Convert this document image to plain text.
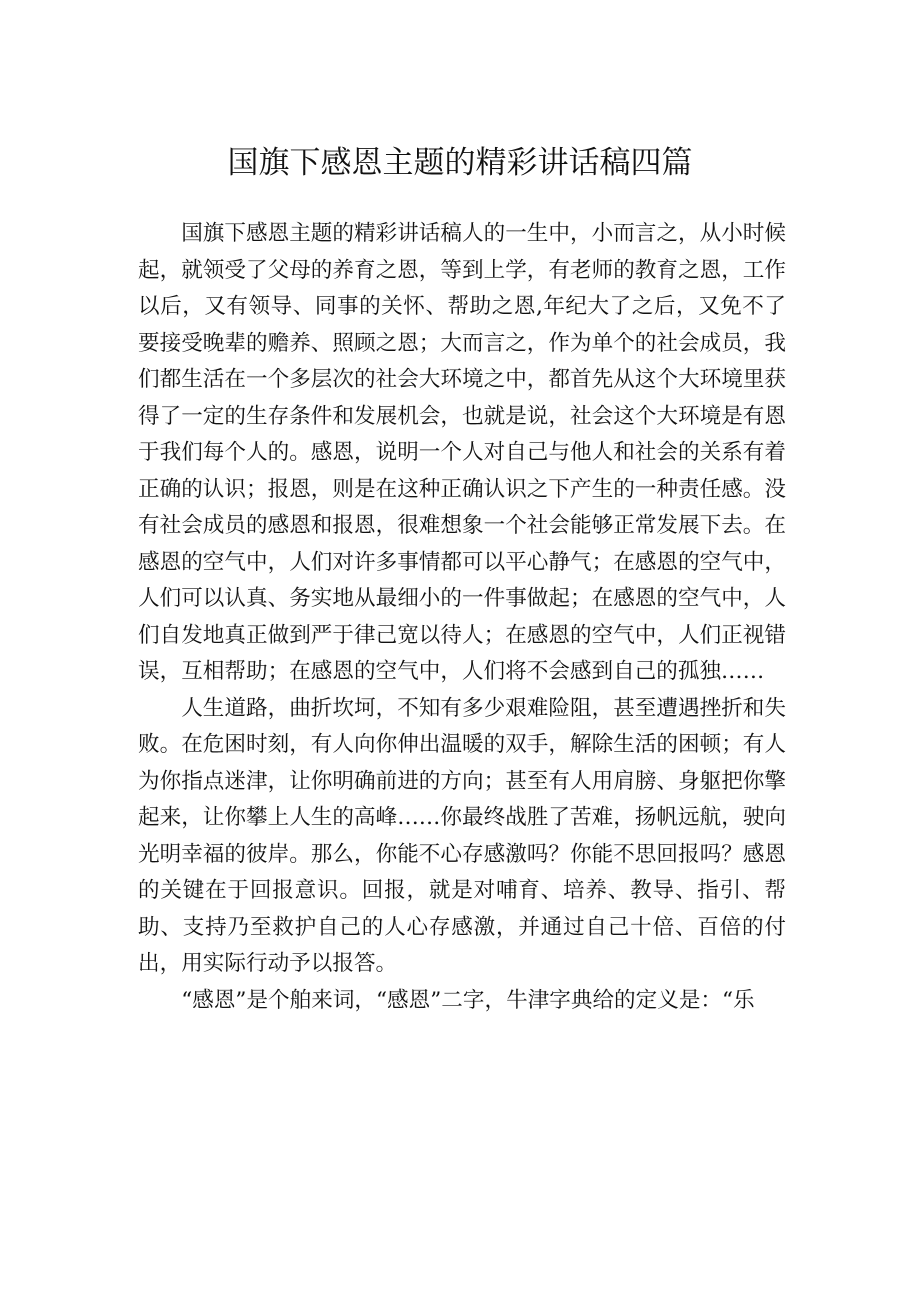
国旗下感恩主题的精彩讲话稿四篇

国旗下感恩主题的精彩讲话稿人的一生中，小而言之，从小时候起，就领受了父母的养育之恩，等到上学，有老师的教育之恩，工作以后，又有领导、同事的关怀、帮助之恩,年纪大了之后，又免不了要接受晚辈的赡养、照顾之恩；大而言之，作为单个的社会成员，我们都生活在一个多层次的社会大环境之中，都首先从这个大环境里获得了一定的生存条件和发展机会，也就是说，社会这个大环境是有恩于我们每个人的。感恩，说明一个人对自己与他人和社会的关系有着正确的认识；报恩，则是在这种正确认识之下产生的一种责任感。没有社会成员的感恩和报恩，很难想象一个社会能够正常发展下去。在感恩的空气中，人们对许多事情都可以平心静气；在感恩的空气中，人们可以认真、务实地从最细小的一件事做起；在感恩的空气中，人们自发地真正做到严于律己宽以待人；在感恩的空气中，人们正视错误，互相帮助；在感恩的空气中，人们将不会感到自己的孤独……

人生道路，曲折坎坷，不知有多少艰难险阻，甚至遭遇挫折和失败。在危困时刻，有人向你伸出温暖的双手，解除生活的困顿；有人为你指点迷津，让你明确前进的方向；甚至有人用肩膀、身躯把你擎起来，让你攀上人生的高峰……你最终战胜了苦难，扬帆远航，驶向光明幸福的彼岸。那么，你能不心存感激吗？你能不思回报吗？感恩的关键在于回报意识。回报，就是对哺育、培养、教导、指引、帮助、支持乃至救护自己的人心存感激，并通过自己十倍、百倍的付出，用实际行动予以报答。

“感恩”是个舶来词，“感恩”二字，牛津字典给的定义是：“乐
